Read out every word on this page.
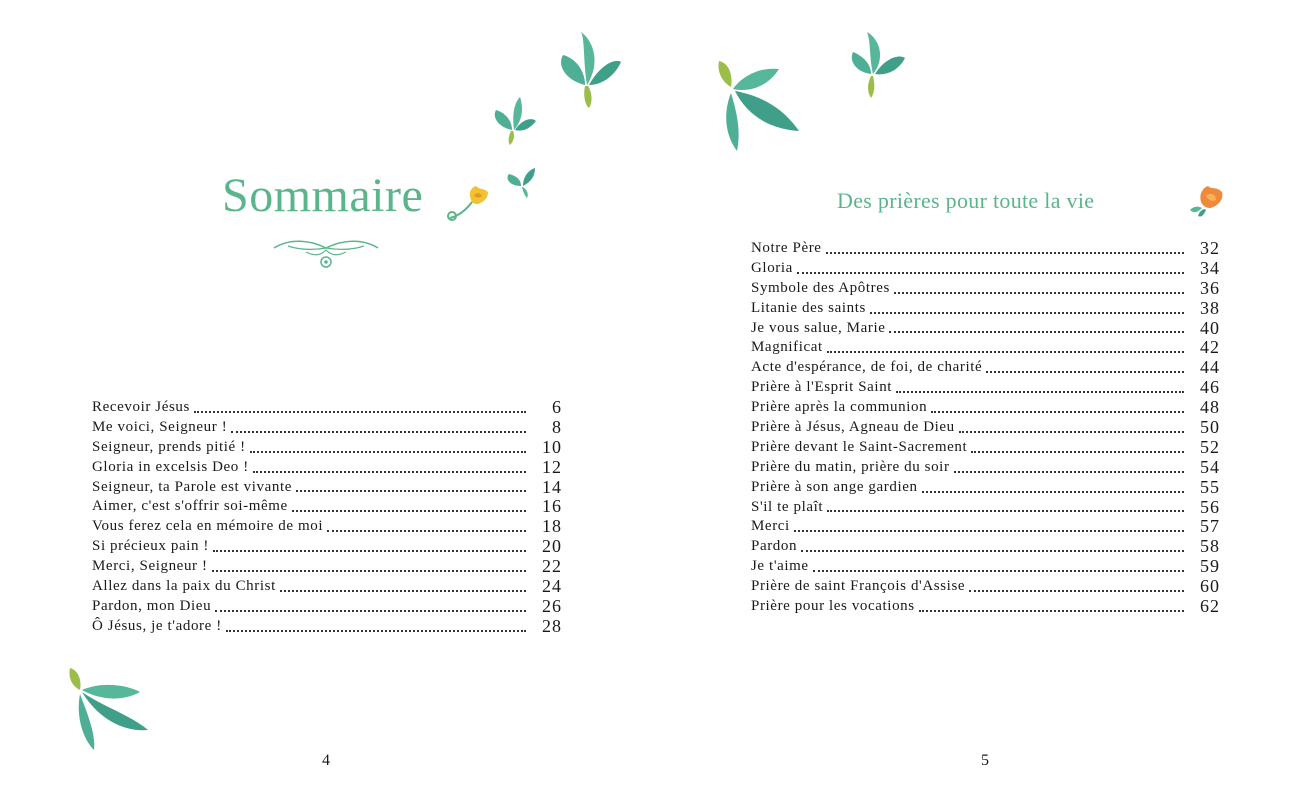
Sommaire
Recevoir Jésus	6
Me voici, Seigneur !	8
Seigneur, prends pitié !	10
Gloria in excelsis Deo !	12
Seigneur, ta Parole est vivante	14
Aimer, c'est s'offrir soi-même	16
Vous ferez cela en mémoire de moi	18
Si précieux pain !	20
Merci, Seigneur !	22
Allez dans la paix du Christ	24
Pardon, mon Dieu	26
Ô Jésus, je t'adore !	28
4
Des prières pour toute la vie
Notre Père	32
Gloria	34
Symbole des Apôtres	36
Litanie des saints	38
Je vous salue, Marie	40
Magnificat	42
Acte d'espérance, de foi, de charité	44
Prière à l'Esprit Saint	46
Prière après la communion	48
Prière à Jésus, Agneau de Dieu	50
Prière devant le Saint-Sacrement	52
Prière du matin, prière du soir	54
Prière à son ange gardien	55
S'il te plaît	56
Merci	57
Pardon	58
Je t'aime	59
Prière de saint François d'Assise	60
Prière pour les vocations	62
5
